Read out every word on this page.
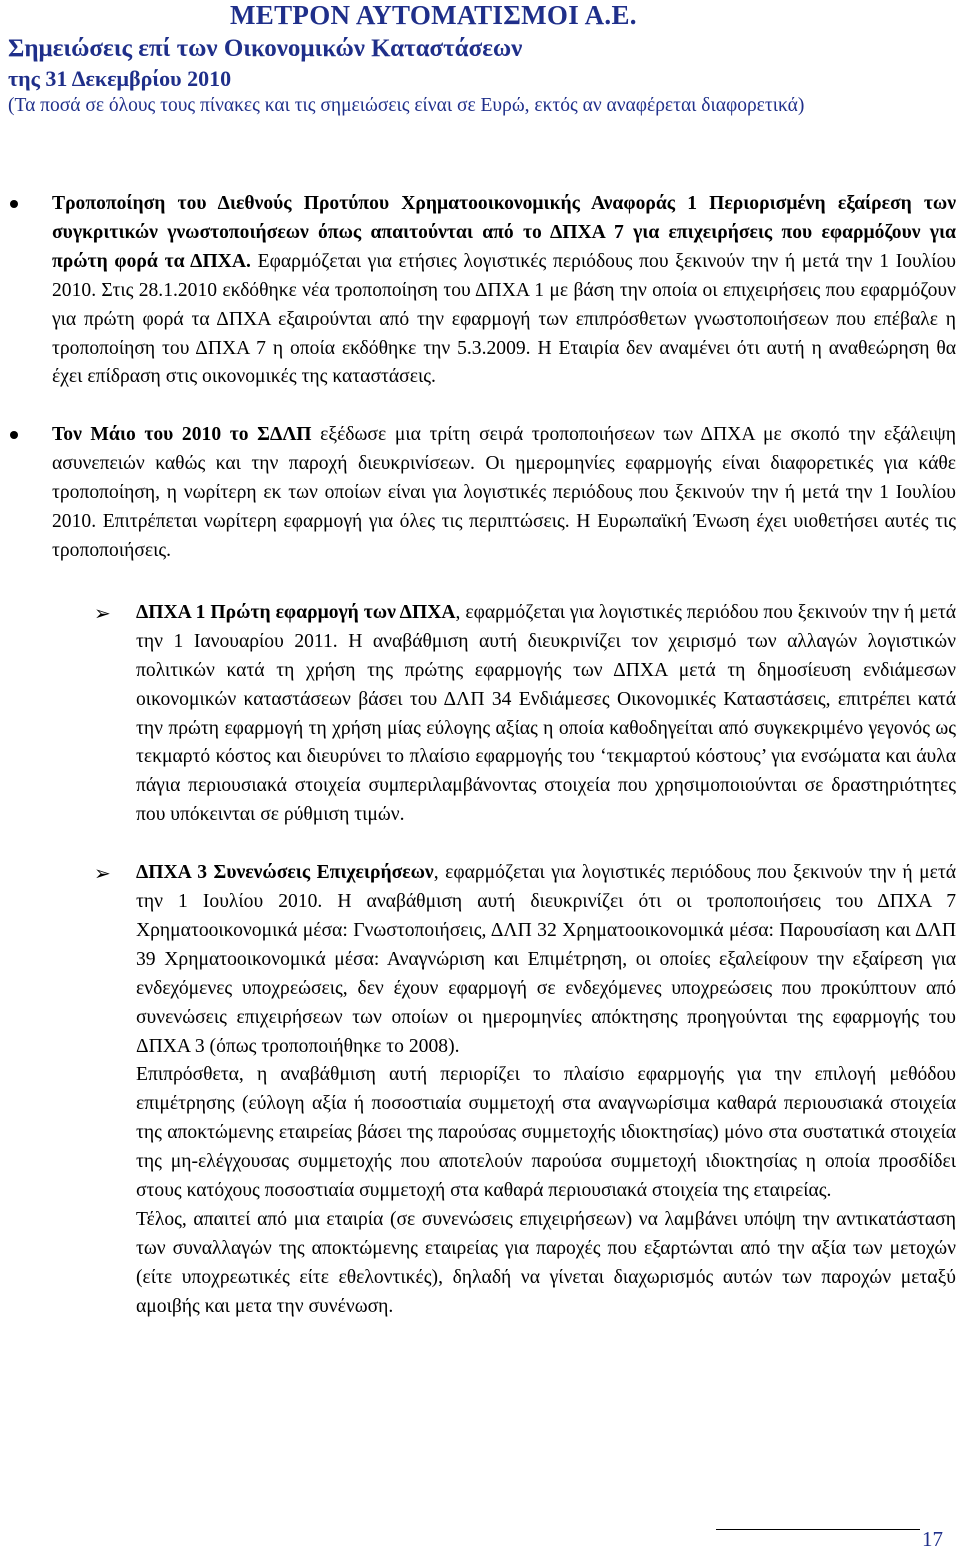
ΜΕΤΡΟΝ ΑΥΤΟΜΑΤΙΣΜΟΙ Α.Ε.
Σημειώσεις επί των Οικονομικών Καταστάσεων
της 31 Δεκεμβρίου 2010
(Τα ποσά σε όλους τους πίνακες και τις σημειώσεις είναι σε Ευρώ, εκτός αν αναφέρεται διαφορετικά)

Τροποποίηση του Διεθνούς Προτύπου Χρηματοοικονομικής Αναφοράς 1 Περιορισμένη εξαίρεση των συγκριτικών γνωστοποιήσεων όπως απαιτούνται από το ΔΠΧΑ 7 για επιχειρήσεις που εφαρμόζουν για πρώτη φορά τα ΔΠΧΑ. Εφαρμόζεται για ετήσιες λογιστικές περιόδους που ξεκινούν την ή μετά την 1 Ιουλίου 2010. Στις 28.1.2010 εκδόθηκε νέα τροποποίηση του ΔΠΧΑ 1 με βάση την οποία οι επιχειρήσεις που εφαρμόζουν για πρώτη φορά τα ΔΠΧΑ εξαιρούνται από την εφαρμογή των επιπρόσθετων γνωστοποιήσεων που επέβαλε η τροποποίηση του ΔΠΧΑ 7 η οποία εκδόθηκε την 5.3.2009. Η Εταιρία δεν αναμένει ότι αυτή η αναθεώρηση θα έχει επίδραση στις οικονομικές της καταστάσεις.

Τον Μάιο του 2010 το ΣΔΛΠ εξέδωσε μια τρίτη σειρά τροποποιήσεων των ΔΠΧΑ με σκοπό την εξάλειψη ασυνεπειών καθώς και την παροχή διευκρινίσεων. Οι ημερομηνίες εφαρμογής είναι διαφορετικές για κάθε τροποποίηση, η νωρίτερη εκ των οποίων είναι για λογιστικές περιόδους που ξεκινούν την ή μετά την 1 Ιουλίου 2010. Επιτρέπεται νωρίτερη εφαρμογή για όλες τις περιπτώσεις. Η Ευρωπαϊκή Ένωση έχει υιοθετήσει αυτές τις τροποποιήσεις.

➢ ΔΠΧΑ 1 Πρώτη εφαρμογή των ΔΠΧΑ, εφαρμόζεται για λογιστικές περιόδου που ξεκινούν την ή μετά την 1 Ιανουαρίου 2011. Η αναβάθμιση αυτή διευκρινίζει τον χειρισμό των αλλαγών λογιστικών πολιτικών κατά τη χρήση της πρώτης εφαρμογής των ΔΠΧΑ μετά τη δημοσίευση ενδιάμεσων οικονομικών καταστάσεων βάσει του ΔΛΠ 34 Ενδιάμεσες Οικονομικές Καταστάσεις, επιτρέπει κατά την πρώτη εφαρμογή τη χρήση μίας εύλογης αξίας η οποία καθοδηγείται από συγκεκριμένο γεγονός ως τεκμαρτό κόστος και διευρύνει το πλαίσιο εφαρμογής του ‘τεκμαρτού κόστους’ για ενσώματα και άυλα πάγια περιουσιακά στοιχεία συμπεριλαμβάνοντας στοιχεία που χρησιμοποιούνται σε δραστηριότητες που υπόκεινται σε ρύθμιση τιμών.

➢ ΔΠΧΑ 3 Συνενώσεις Επιχειρήσεων, εφαρμόζεται για λογιστικές περιόδους που ξεκινούν την ή μετά την 1 Ιουλίου 2010. Η αναβάθμιση αυτή διευκρινίζει ότι οι τροποποιήσεις του ΔΠΧΑ 7 Χρηματοοικονομικά μέσα: Γνωστοποιήσεις, ΔΛΠ 32 Χρηματοοικονομικά μέσα: Παρουσίαση και ΔΛΠ 39 Χρηματοοικονομικά μέσα: Αναγνώριση και Επιμέτρηση, οι οποίες εξαλείφουν την εξαίρεση για ενδεχόμενες υποχρεώσεις, δεν έχουν εφαρμογή σε ενδεχόμενες υποχρεώσεις που προκύπτουν από συνενώσεις επιχειρήσεων των οποίων οι ημερομηνίες απόκτησης προηγούνται της εφαρμογής του ΔΠΧΑ 3 (όπως τροποποιήθηκε το 2008).

Επιπρόσθετα, η αναβάθμιση αυτή περιορίζει το πλαίσιο εφαρμογής για την επιλογή μεθόδου επιμέτρησης (εύλογη αξία ή ποσοστιαία συμμετοχή στα αναγνωρίσιμα καθαρά περιουσιακά στοιχεία της αποκτώμενης εταιρείας βάσει της παρούσας συμμετοχής ιδιοκτησίας) μόνο στα συστατικά στοιχεία της μη-ελέγχουσας συμμετοχής που αποτελούν παρούσα συμμετοχή ιδιοκτησίας η οποία προσδίδει στους κατόχους ποσοστιαία συμμετοχή στα καθαρά περιουσιακά στοιχεία της εταιρείας.

Τέλος, απαιτεί από μια εταιρία (σε συνενώσεις επιχειρήσεων) να λαμβάνει υπόψη την αντικατάσταση των συναλλαγών της αποκτώμενης εταιρείας για παροχές που εξαρτώνται από την αξία των μετοχών (είτε υποχρεωτικές είτε εθελοντικές), δηλαδή να γίνεται διαχωρισμός αυτών των παροχών μεταξύ αμοιβής και μετα την συνένωση.

17
